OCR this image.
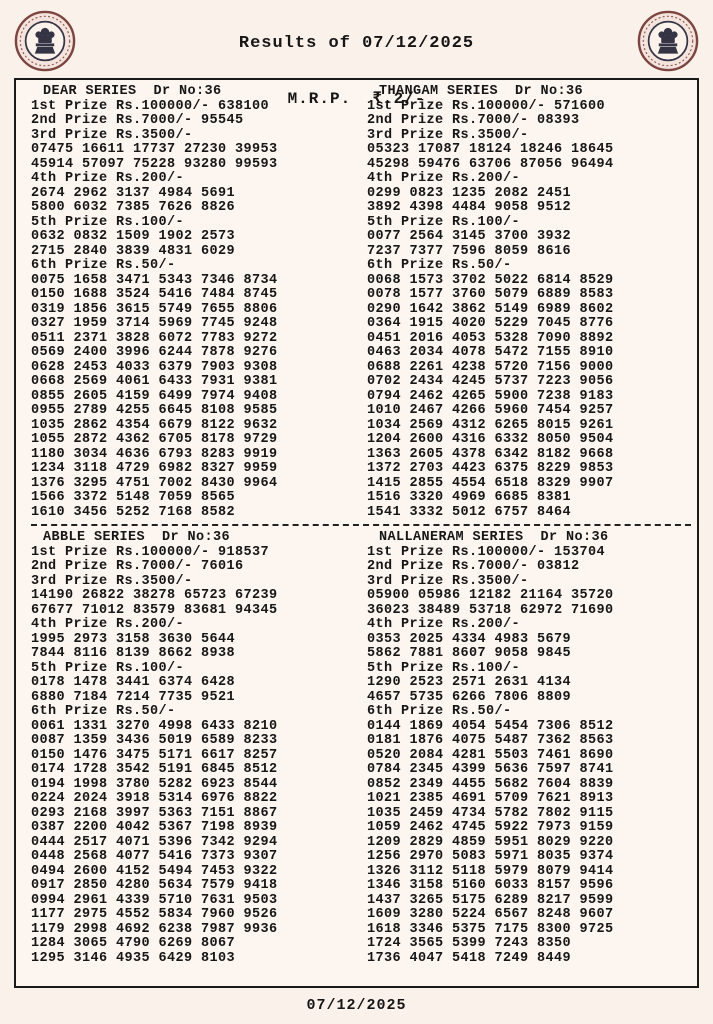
Results of 07/12/2025

M.R.P.  ₹.2/-

DEAR SERIES  Dr No:36
1st Prize Rs.100000/- 638100
2nd Prize Rs.7000/- 95545
3rd Prize Rs.3500/-
07475 16611 17737 27230 39953
45914 57097 75228 93280 99593
4th Prize Rs.200/-
2674 2962 3137 4984 5691
5800 6032 7385 7626 8826
5th Prize Rs.100/-
0632 0832 1509 1902 2573
2715 2840 3839 4831 6029
6th Prize Rs.50/-
0075 1658 3471 5343 7346 8734
0150 1688 3524 5416 7484 8745
0319 1856 3615 5749 7655 8806
0327 1959 3714 5969 7745 9248
0511 2371 3828 6072 7783 9272
0569 2400 3996 6244 7878 9276
0628 2453 4033 6379 7903 9308
0668 2569 4061 6433 7931 9381
0855 2605 4159 6499 7974 9408
0955 2789 4255 6645 8108 9585
1035 2862 4354 6679 8122 9632
1055 2872 4362 6705 8178 9729
1180 3034 4636 6793 8283 9919
1234 3118 4729 6982 8327 9959
1376 3295 4751 7002 8430 9964
1566 3372 5148 7059 8565
1610 3456 5252 7168 8582
THANGAM SERIES  Dr No:36
1st Prize Rs.100000/- 571600
2nd Prize Rs.7000/- 08393
3rd Prize Rs.3500/-
05323 17087 18124 18246 18645
45298 59476 63706 87056 96494
4th Prize Rs.200/-
0299 0823 1235 2082 2451
3892 4398 4484 9058 9512
5th Prize Rs.100/-
0077 2564 3145 3700 3932
7237 7377 7596 8059 8616
6th Prize Rs.50/-
0068 1573 3702 5022 6814 8529
0078 1577 3760 5079 6889 8583
0290 1642 3862 5149 6989 8602
0364 1915 4020 5229 7045 8776
0451 2016 4053 5328 7090 8892
0463 2034 4078 5472 7155 8910
0688 2261 4238 5720 7156 9000
0702 2434 4245 5737 7223 9056
0794 2462 4265 5900 7238 9183
1010 2467 4266 5960 7454 9257
1034 2569 4312 6265 8015 9261
1204 2600 4316 6332 8050 9504
1363 2605 4378 6342 8182 9668
1372 2703 4423 6375 8229 9853
1415 2855 4554 6518 8329 9907
1516 3320 4969 6685 8381
1541 3332 5012 6757 8464
ABBLE SERIES  Dr No:36
1st Prize Rs.100000/- 918537
2nd Prize Rs.7000/- 76016
3rd Prize Rs.3500/-
14190 26822 38278 65723 67239
67677 71012 83579 83681 94345
4th Prize Rs.200/-
1995 2973 3158 3630 5644
7844 8116 8139 8662 8938
5th Prize Rs.100/-
0178 1478 3441 6374 6428
6880 7184 7214 7735 9521
6th Prize Rs.50/-
0061 1331 3270 4998 6433 8210
0087 1359 3436 5019 6589 8233
0150 1476 3475 5171 6617 8257
0174 1728 3542 5191 6845 8512
0194 1998 3780 5282 6923 8544
0224 2024 3918 5314 6976 8822
0293 2168 3997 5363 7151 8867
0387 2200 4042 5367 7198 8939
0444 2517 4071 5396 7342 9294
0448 2568 4077 5416 7373 9307
0494 2600 4152 5494 7453 9322
0917 2850 4280 5634 7579 9418
0994 2961 4339 5710 7631 9503
1177 2975 4552 5834 7960 9526
1179 2998 4692 6238 7987 9936
1284 3065 4790 6269 8067
1295 3146 4935 6429 8103
NALLANERAM SERIES  Dr No:36
1st Prize Rs.100000/- 153704
2nd Prize Rs.7000/- 03812
3rd Prize Rs.3500/-
05900 05986 12182 21164 35720
36023 38489 53718 62972 71690
4th Prize Rs.200/-
0353 2025 4334 4983 5679
5862 7881 8607 9058 9845
5th Prize Rs.100/-
1290 2523 2571 2631 4134
4657 5735 6266 7806 8809
6th Prize Rs.50/-
0144 1869 4054 5454 7306 8512
0181 1876 4075 5487 7362 8563
0520 2084 4281 5503 7461 8690
0784 2345 4399 5636 7597 8741
0852 2349 4455 5682 7604 8839
1021 2385 4691 5709 7621 8913
1035 2459 4734 5782 7802 9115
1059 2462 4745 5922 7973 9159
1209 2829 4859 5951 8029 9220
1256 2970 5083 5971 8035 9374
1326 3112 5118 5979 8079 9414
1346 3158 5160 6033 8157 9596
1437 3265 5175 6289 8217 9599
1609 3280 5224 6567 8248 9607
1618 3346 5375 7175 8300 9725
1724 3565 5399 7243 8350
1736 4047 5418 7249 8449
07/12/2025
